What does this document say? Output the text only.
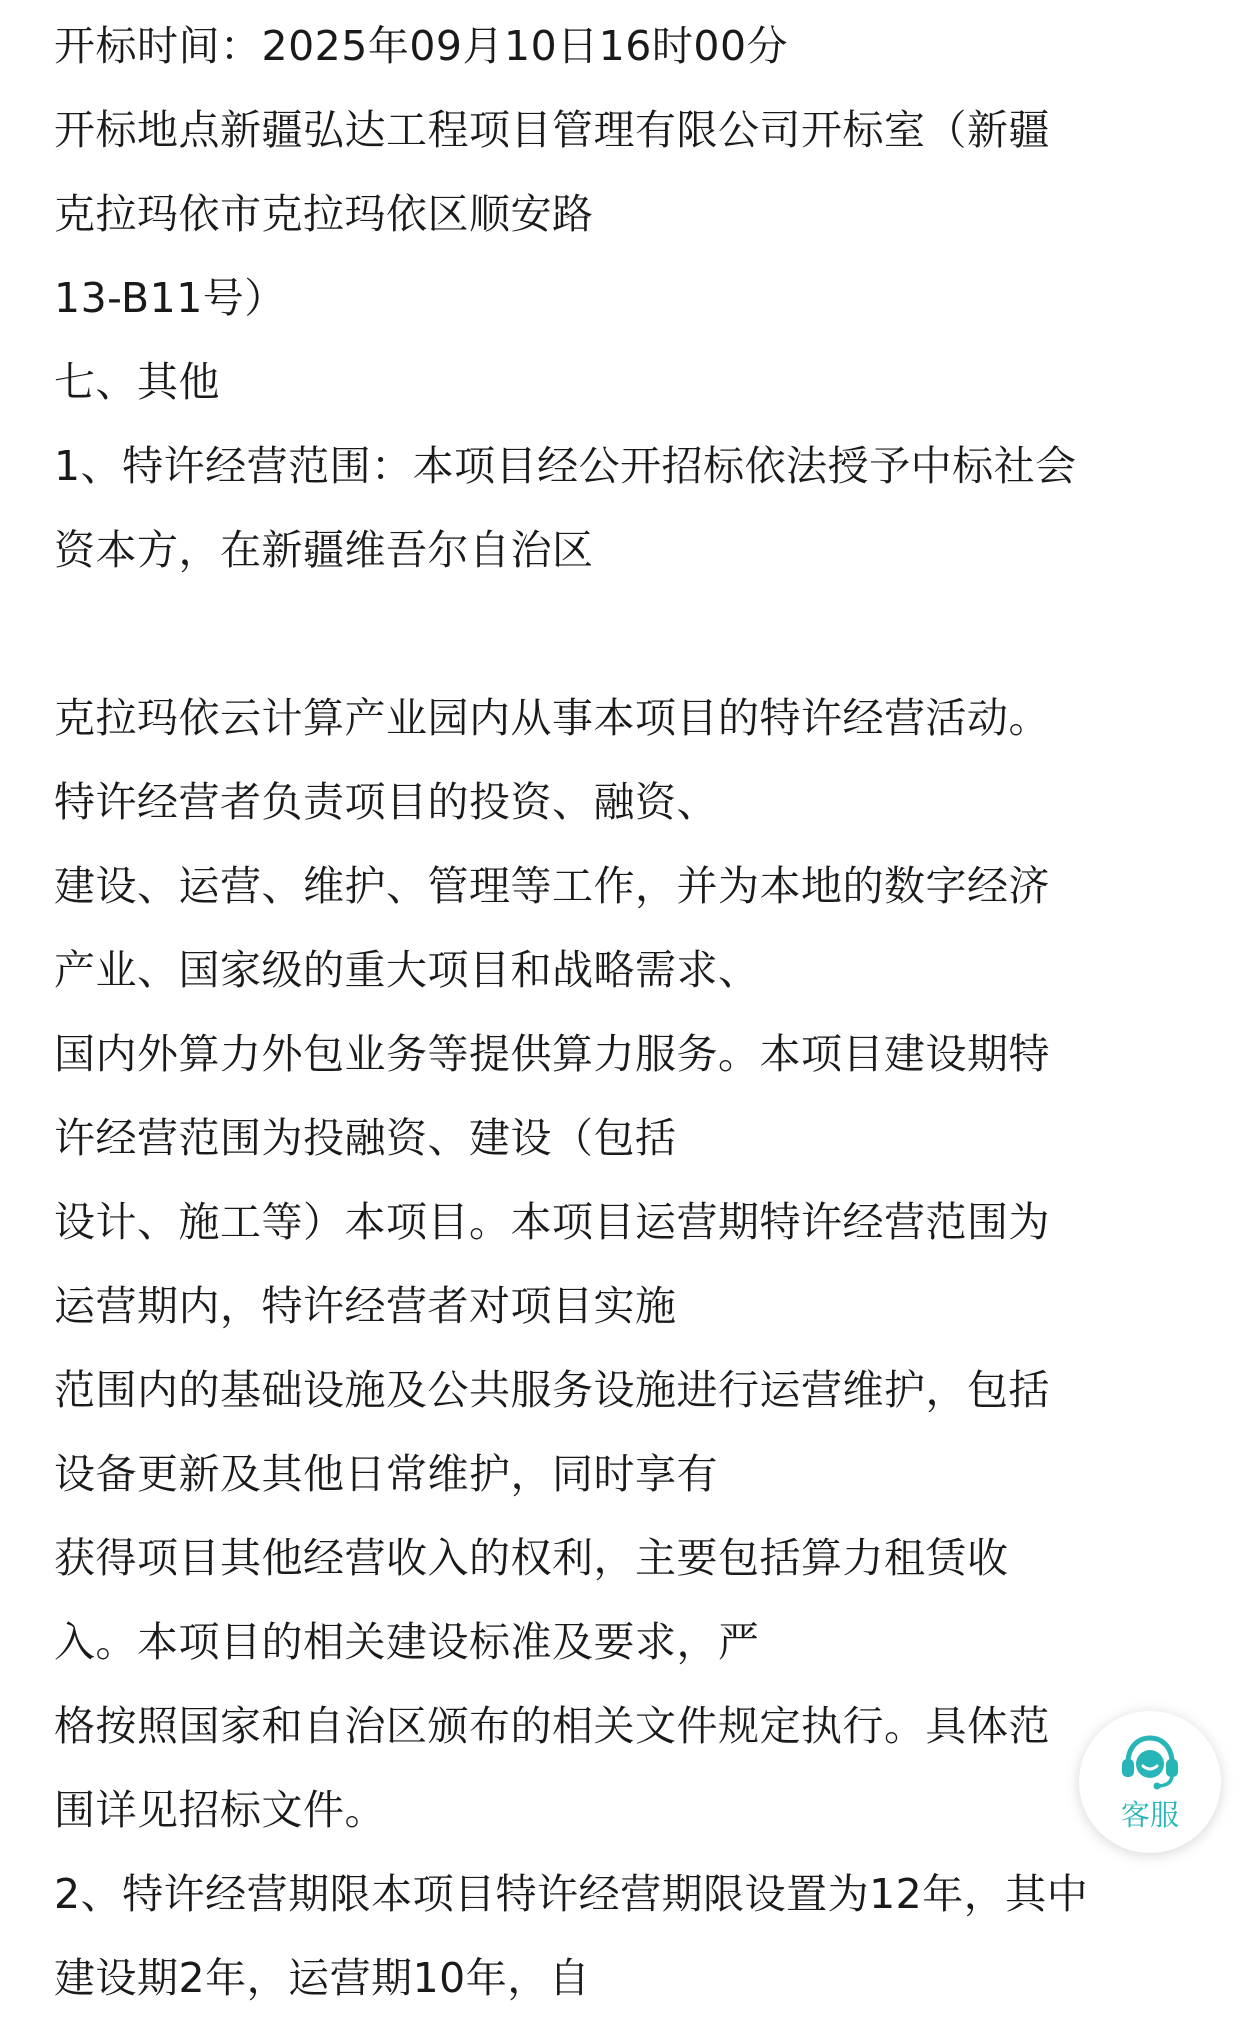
开标时间：2025年09月10日16时00分
开标地点新疆弘达工程项目管理有限公司开标室（新疆
克拉玛依市克拉玛依区顺安路
13-B11号）
七、其他
1、特许经营范围：本项目经公开招标依法授予中标社会
资本方，在新疆维吾尔自治区
克拉玛依云计算产业园内从事本项目的特许经营活动。
特许经营者负责项目的投资、融资、
建设、运营、维护、管理等工作，并为本地的数字经济
产业、国家级的重大项目和战略需求、
国内外算力外包业务等提供算力服务。本项目建设期特
许经营范围为投融资、建设（包括
设计、施工等）本项目。本项目运营期特许经营范围为
运营期内，特许经营者对项目实施
范围内的基础设施及公共服务设施进行运营维护，包括
设备更新及其他日常维护，同时享有
获得项目其他经营收入的权利，主要包括算力租赁收
入。本项目的相关建设标准及要求，严
格按照国家和自治区颁布的相关文件规定执行。具体范
围详见招标文件。
2、特许经营期限本项目特许经营期限设置为12年，其中
建设期2年，运营期10年，自
客服
